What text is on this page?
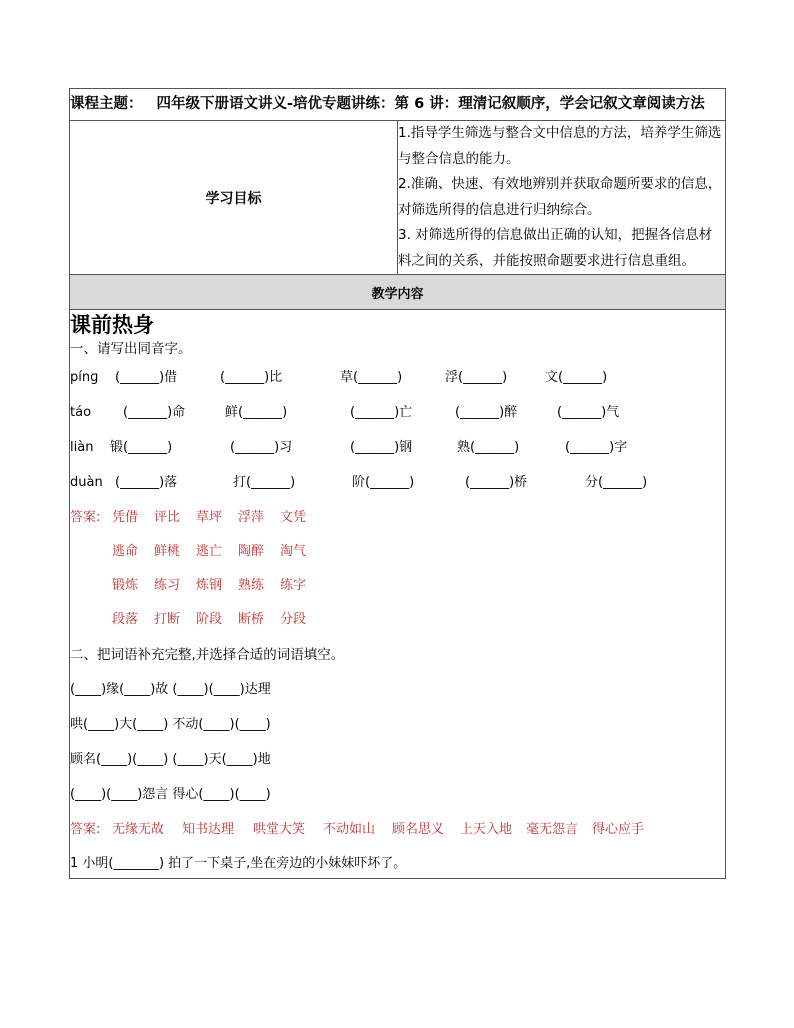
课程主题： 四年级下册语文讲义-培优专题讲练：第 6 讲：理清记叙顺序，学会记叙文章阅读方法
学习目标	
1.指导学生筛选与整合文中信息的方法，培养学生筛选与整合信息的能力。
2.准确、快速、有效地辨别并获取命题所要求的信息，对筛选所得的信息进行归纳综合。
3. 对筛选所得的信息做出正确的认知，把握各信息材料之间的关系，并能按照命题要求进行信息重组。

教学内容

课前热身
一、请写出同音字。
pínɡ (______)借	(______)比	草(______)	浮(______)	文(______)
táo (______)命	鲜(______)	(______)亡	(______)醉	(______)气
liàn 锻(______)	(______)习	(______)钢	熟(______)	(______)字
duàn (______)落	打(______)	阶(______)	(______)桥	分(______)
答案: 凭借 评比 草坪 浮萍 文凭
逃命 鲜桃 逃亡 陶醉 淘气
锻炼 练习 炼钢 熟练 练字
段落 打断 阶段 断桥 分段
二、把词语补充完整,并选择合适的词语填空。
(____)缘(____)故 (____)(____)达理
哄(____)大(____) 不动(____)(____)
顾名(____)(____) (____)天(____)地
(____)(____)怨言 得心(____)(____)
答案: 无缘无故 知书达理 哄堂大笑 不动如山 顾名思义 上天入地 毫无怨言 得心应手
1 小明(_______) 拍了一下桌子,坐在旁边的小妹妹吓坏了。
